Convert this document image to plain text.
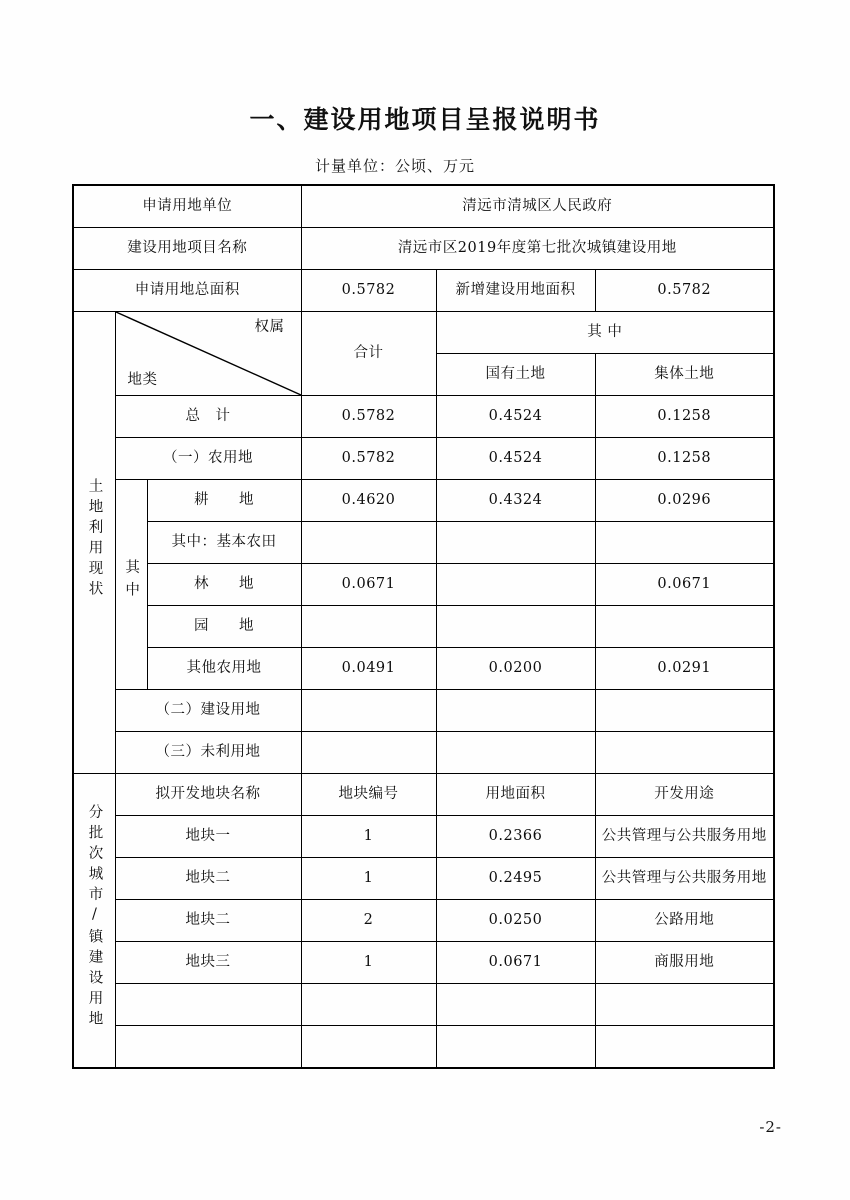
一、建设用地项目呈报说明书
计量单位：公顷、万元
申请用地单位			清远市清城区人民政府		
建设用地项目名称			清远市区2019年度第七批次城镇建设用地		
申请用地总面积			0.5782	新增建设用地面积	0.5782
土地利用现状	权属
地类		合计	其 中	
				国有土地	集体土地
	总　计		0.5782	0.4524	0.1258
	（一）农用地		0.5782	0.4524	0.1258
	其中	耕　　地	0.4620	0.4324	0.0296
		其中：基本农田			
		林　　地	0.0671		0.0671
		园　　地			
		其他农用地	0.0491	0.0200	0.0291
	（二）建设用地				
	（三）未利用地				
分批次城市/镇建设用地	拟开发地块名称		地块编号	用地面积	开发用途
	地块一		1	0.2366	公共管理与公共服务用地
	地块二		1	0.2495	公共管理与公共服务用地
	地块二		2	0.0250	公路用地
	地块三		1	0.0671	商服用地

-2-
